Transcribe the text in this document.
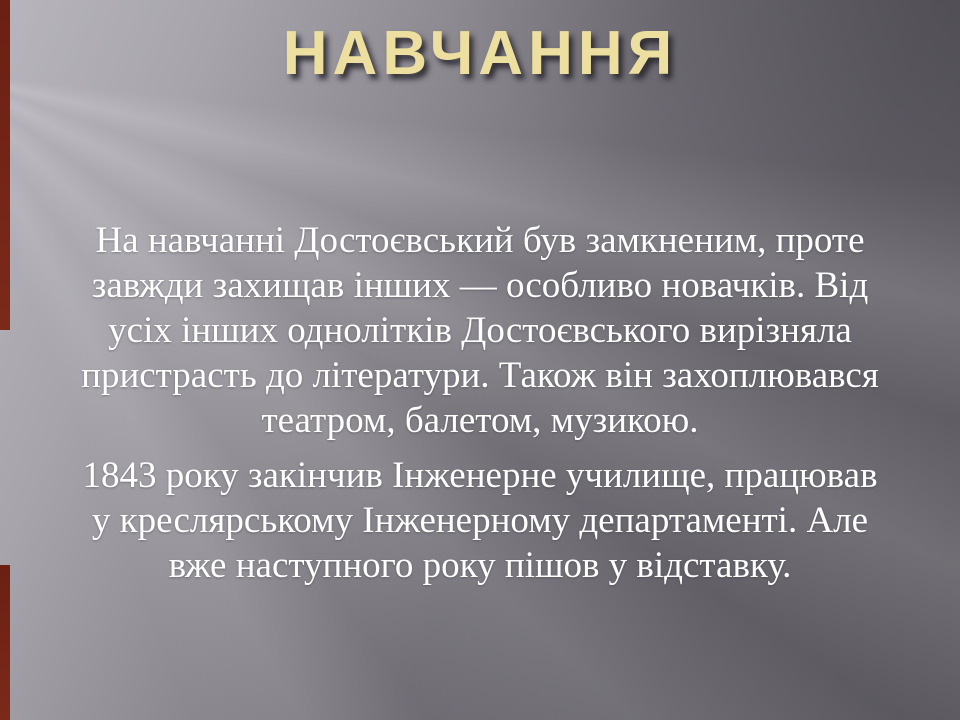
НАВЧАННЯ

На навчанні Достоєвський був замкненим, проте завжди захищав інших — особливо новачків. Від усіх інших однолітків Достоєвського вирізняла пристрасть до літератури. Також він захоплювався театром, балетом, музикою.

1843 року закінчив Інженерне училище, працював у креслярському Інженерному департаменті. Але вже наступного року пішов у відставку.
